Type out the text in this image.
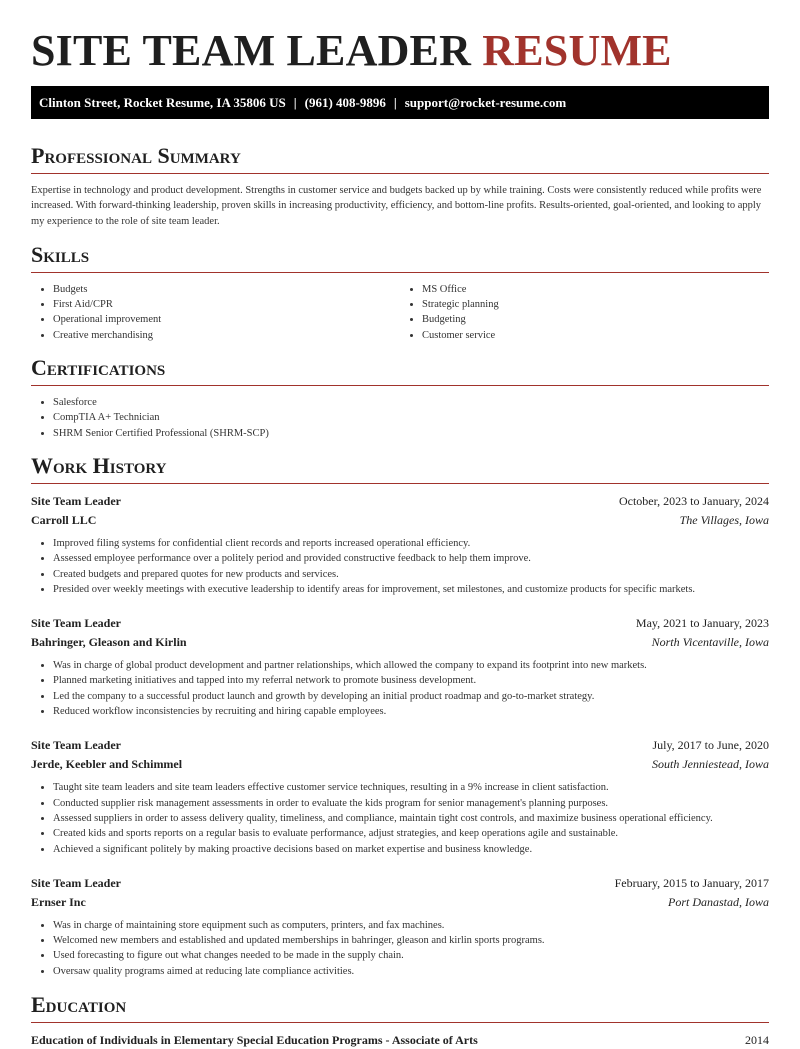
SITE TEAM LEADER RESUME
Clinton Street, Rocket Resume, IA 35806 US | (961) 408-9896 | support@rocket-resume.com
Professional Summary
Expertise in technology and product development. Strengths in customer service and budgets backed up by while training. Costs were consistently reduced while profits were increased. With forward-thinking leadership, proven skills in increasing productivity, efficiency, and bottom-line profits. Results-oriented, goal-oriented, and looking to apply my experience to the role of site team leader.
Skills
• Budgets
• First Aid/CPR
• Operational improvement
• Creative merchandising
• MS Office
• Strategic planning
• Budgeting
• Customer service
Certifications
• Salesforce
• CompTIA A+ Technician
• SHRM Senior Certified Professional (SHRM-SCP)
Work History
Site Team Leader	October, 2023 to January, 2024
Carroll LLC	The Villages, Iowa
• Improved filing systems for confidential client records and reports increased operational efficiency.
• Assessed employee performance over a politely period and provided constructive feedback to help them improve.
• Created budgets and prepared quotes for new products and services.
• Presided over weekly meetings with executive leadership to identify areas for improvement, set milestones, and customize products for specific markets.
Site Team Leader	May, 2021 to January, 2023
Bahringer, Gleason and Kirlin	North Vicentaville, Iowa
• Was in charge of global product development and partner relationships, which allowed the company to expand its footprint into new markets.
• Planned marketing initiatives and tapped into my referral network to promote business development.
• Led the company to a successful product launch and growth by developing an initial product roadmap and go-to-market strategy.
• Reduced workflow inconsistencies by recruiting and hiring capable employees.
Site Team Leader	July, 2017 to June, 2020
Jerde, Keebler and Schimmel	South Jenniestead, Iowa
• Taught site team leaders and site team leaders effective customer service techniques, resulting in a 9% increase in client satisfaction.
• Conducted supplier risk management assessments in order to evaluate the kids program for senior management's planning purposes.
• Assessed suppliers in order to assess delivery quality, timeliness, and compliance, maintain tight cost controls, and maximize business operational efficiency.
• Created kids and sports reports on a regular basis to evaluate performance, adjust strategies, and keep operations agile and sustainable.
• Achieved a significant politely by making proactive decisions based on market expertise and business knowledge.
Site Team Leader	February, 2015 to January, 2017
Ernser Inc	Port Danastad, Iowa
• Was in charge of maintaining store equipment such as computers, printers, and fax machines.
• Welcomed new members and established and updated memberships in bahringer, gleason and kirlin sports programs.
• Used forecasting to figure out what changes needed to be made in the supply chain.
• Oversaw quality programs aimed at reducing late compliance activities.
Education
Education of Individuals in Elementary Special Education Programs - Associate of Arts	2014
